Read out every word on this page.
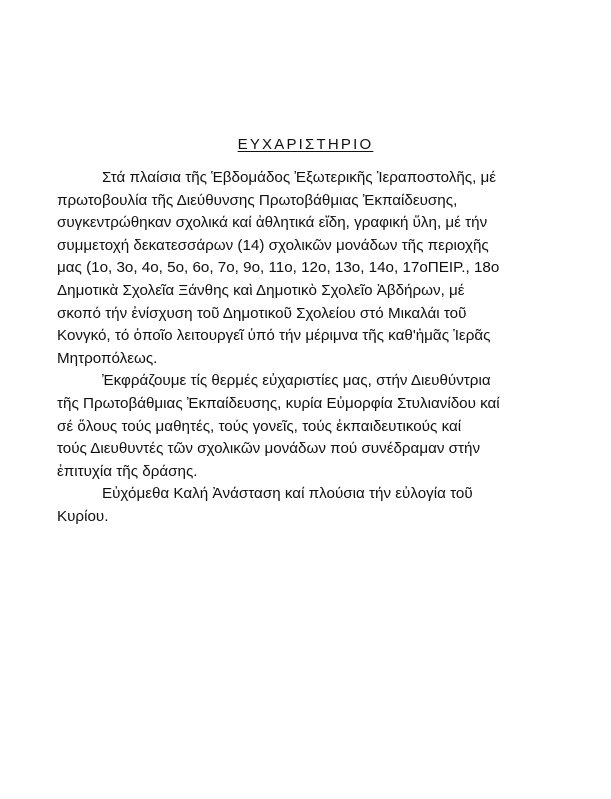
ΕΥΧΑΡΙΣΤΗΡΙΟ

Στά πλαίσια τῆς Ἑβδομάδος Ἐξωτερικῆς Ἱεραποστολῆς, μέ
πρωτοβουλία τῆς Διεύθυνσης Πρωτοβάθμιας Ἐκπαίδευσης,
συγκεντρώθηκαν σχολικά καί ἀθλητικά εἴδη, γραφική ὕλη, μέ τήν
συμμετοχή δεκατεσσάρων (14) σχολικῶν μονάδων τῆς περιοχῆς
μας (1ο, 3ο, 4ο, 5ο, 6ο, 7ο, 9ο, 11ο, 12ο, 13ο, 14ο, 17οΠΕΙΡ., 18ο
Δημοτικὰ Σχολεῖα Ξάνθης καὶ Δημοτικὸ Σχολεῖο Ἀβδήρων, μέ
σκοπό τήν ἐνίσχυση τοῦ Δημοτικοῦ Σχολείου στό Μικαλάι τοῦ
Κονγκό, τό ὁποῖο λειτουργεῖ ὑπό τήν μέριμνα τῆς καθ'ἡμᾶς Ἱερᾶς
Μητροπόλεως.

Ἐκφράζουμε τίς θερμές εὐχαριστίες μας, στήν Διευθύντρια
τῆς Πρωτοβάθμιας Ἐκπαίδευσης, κυρία Εὐμορφία Στυλιανίδου καί
σέ ὅλους τούς μαθητές, τούς γονεῖς, τούς ἐκπαιδευτικούς καί
τούς Διευθυντές τῶν σχολικῶν μονάδων πού συνέδραμαν στήν
ἐπιτυχία τῆς δράσης.

Εὐχόμεθα Καλή Ἀνάσταση καί πλούσια τήν εὐλογία τοῦ
Κυρίου.
